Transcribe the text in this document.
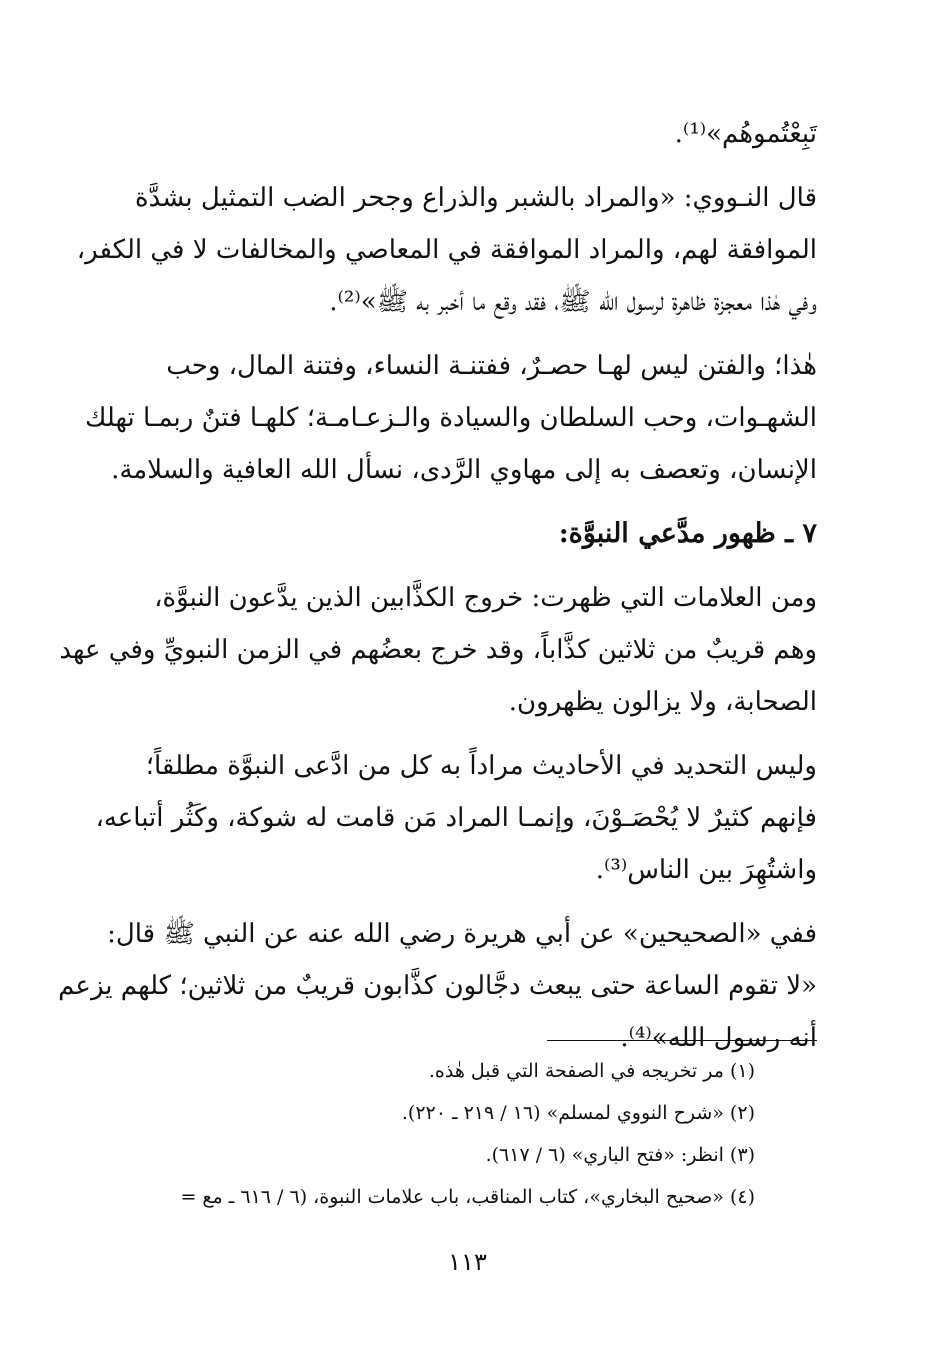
تَبِعْتُموهُم»⁽¹⁾.
قال النـووي: «والمراد بالشبر والذراع وجحر الضب التمثيل بشدَّة
الموافقة لهم، والمراد الموافقة في المعاصي والمخالفات لا في الكفر،
وفي هٰذا معجزة ظاهرة لرسول الله ﷺ، فقد وقع ما أخبر به ﷺ»⁽²⁾.
هٰذا؛ والفتن ليس لهـا حصـرٌ، ففتنـة النساء، وفتنة المال، وحب
الشهـوات، وحب السلطان والسيادة والـزعـامـة؛ كلهـا فتنٌ ربمـا تهلك
الإنسان، وتعصف به إلى مهاوي الرَّدى، نسأل الله العافية والسلامة.
٧ ـ ظهور مدَّعي النبوَّة:
ومن العلامات التي ظهرت: خروج الكذَّابين الذين يدَّعون النبوَّة،
وهم قريبٌ من ثلاثين كذَّاباً، وقد خرج بعضُهم في الزمن النبويِّ وفي عهد
الصحابة، ولا يزالون يظهرون.
وليس التحديد في الأحاديث مراداً به كل من ادَّعى النبوَّة مطلقاً؛
فإنهم كثيرٌ لا يُحْصَـوْنَ، وإنمـا المراد مَن قامت له شوكة، وكَثُر أتباعه،
واشتُهِرَ بين الناس⁽³⁾.
ففي «الصحيحين» عن أبي هريرة رضي الله عنه عن النبي ﷺ قال:
«لا تقوم الساعة حتى يبعث دجَّالون كذَّابون قريبٌ من ثلاثين؛ كلهم يزعم
أنه رسول الله»⁽⁴⁾.
(١) مر تخريجه في الصفحة التي قبل هٰذه.
(٢) «شرح النووي لمسلم» (١٦ / ٢١٩ ـ ٢٢٠).
(٣) انظر: «فتح الباري» (٦ / ٦١٧).
(٤) «صحيح البخاري»، كتاب المناقب، باب علامات النبوة، (٦ / ٦١٦ ـ مع =
١١٣
